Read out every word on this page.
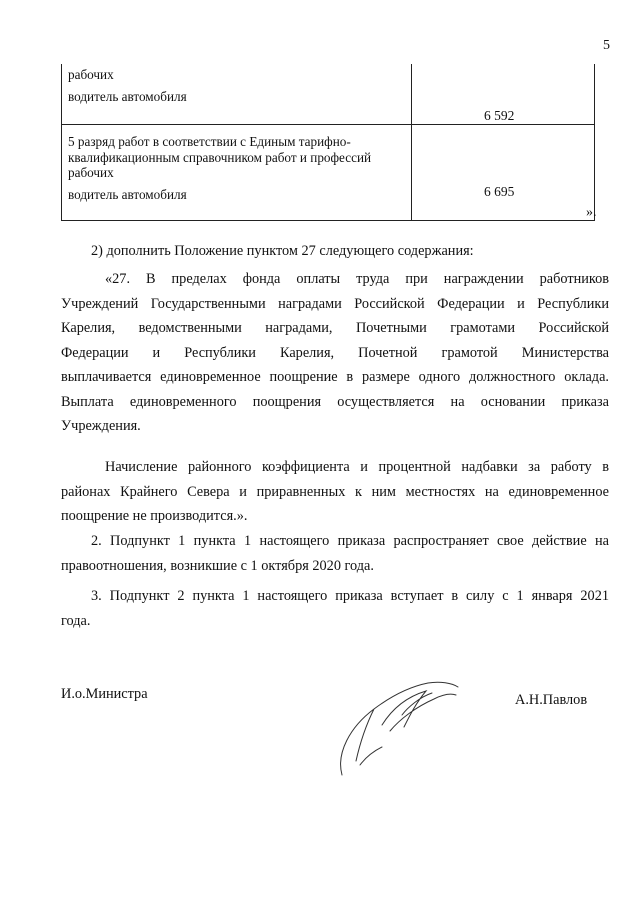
5
рабочих
водитель автомобиля
6 592
5 разряд работ в соответствии с Единым тарифно-
квалификационным справочником работ и профессий
рабочих
водитель автомобиля	6 695
».
2) дополнить Положение пунктом 27 следующего содержания:
«27. В пределах фонда оплаты труда при награждении работников
Учреждений Государственными наградами Российской Федерации и Республики
Карелия, ведомственными наградами, Почетными грамотами Российской
Федерации и Республики Карелия, Почетной грамотой Министерства
выплачивается единовременное поощрение в размере одного должностного оклада.
Выплата единовременного поощрения осуществляется на основании приказа
Учреждения.
Начисление районного коэффициента и процентной надбавки за работу в
районах Крайнего Севера и приравненных к ним местностях на единовременное
поощрение не производится.».
2. Подпункт 1 пункта 1 настоящего приказа распространяет свое действие на
правоотношения, возникшие с 1 октября 2020 года.
3. Подпункт 2 пункта 1 настоящего приказа вступает в силу с 1 января 2021
года.
И.о.Министра	А.Н.Павлов
